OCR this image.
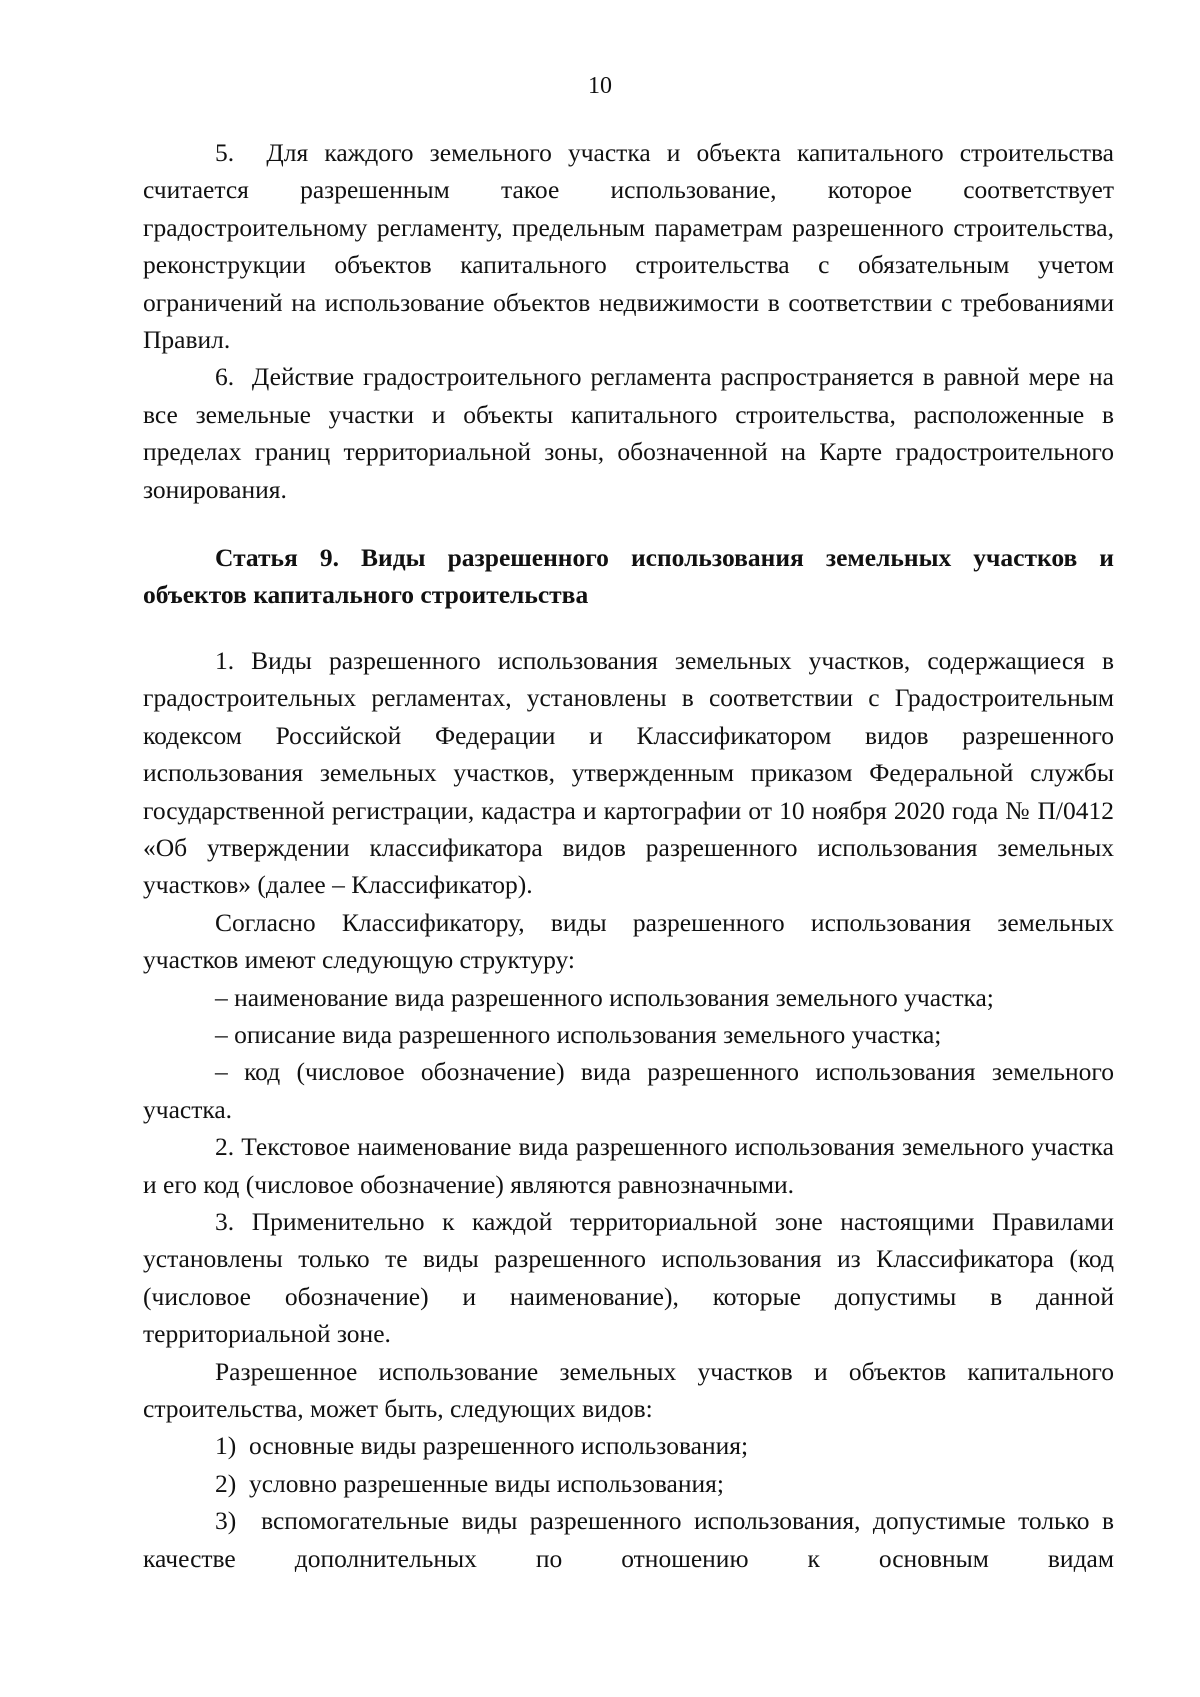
10

5.  Для каждого земельного участка и объекта капитального строительства считается разрешенным такое использование, которое соответствует градостроительному регламенту, предельным параметрам разрешенного строительства, реконструкции объектов капитального строительства с обязательным учетом ограничений на использование объектов недвижимости в соответствии с требованиями Правил.

6.  Действие градостроительного регламента распространяется в равной мере на все земельные участки и объекты капитального строительства, расположенные в пределах границ территориальной зоны, обозначенной на Карте градостроительного зонирования.

Статья 9. Виды разрешенного использования земельных участков и объектов капитального строительства

1. Виды разрешенного использования земельных участков, содержащиеся в градостроительных регламентах, установлены в соответствии с Градостроительным кодексом Российской Федерации и Классификатором видов разрешенного использования земельных участков, утвержденным приказом Федеральной службы государственной регистрации, кадастра и картографии от 10 ноября 2020 года № П/0412 «Об утверждении классификатора видов разрешенного использования земельных участков» (далее – Классификатор).

Согласно Классификатору, виды разрешенного использования земельных участков имеют следующую структуру:

– наименование вида разрешенного использования земельного участка;

– описание вида разрешенного использования земельного участка;

– код (числовое обозначение) вида разрешенного использования земельного участка.

2. Текстовое наименование вида разрешенного использования земельного участка и его код (числовое обозначение) являются равнозначными.

3. Применительно к каждой территориальной зоне настоящими Правилами установлены только те виды разрешенного использования из Классификатора (код (числовое обозначение) и наименование), которые допустимы в данной территориальной зоне.

Разрешенное использование земельных участков и объектов капитального строительства, может быть, следующих видов:

1)  основные виды разрешенного использования;

2)  условно разрешенные виды использования;

3)  вспомогательные виды разрешенного использования, допустимые только в качестве дополнительных по отношению к основным видам
